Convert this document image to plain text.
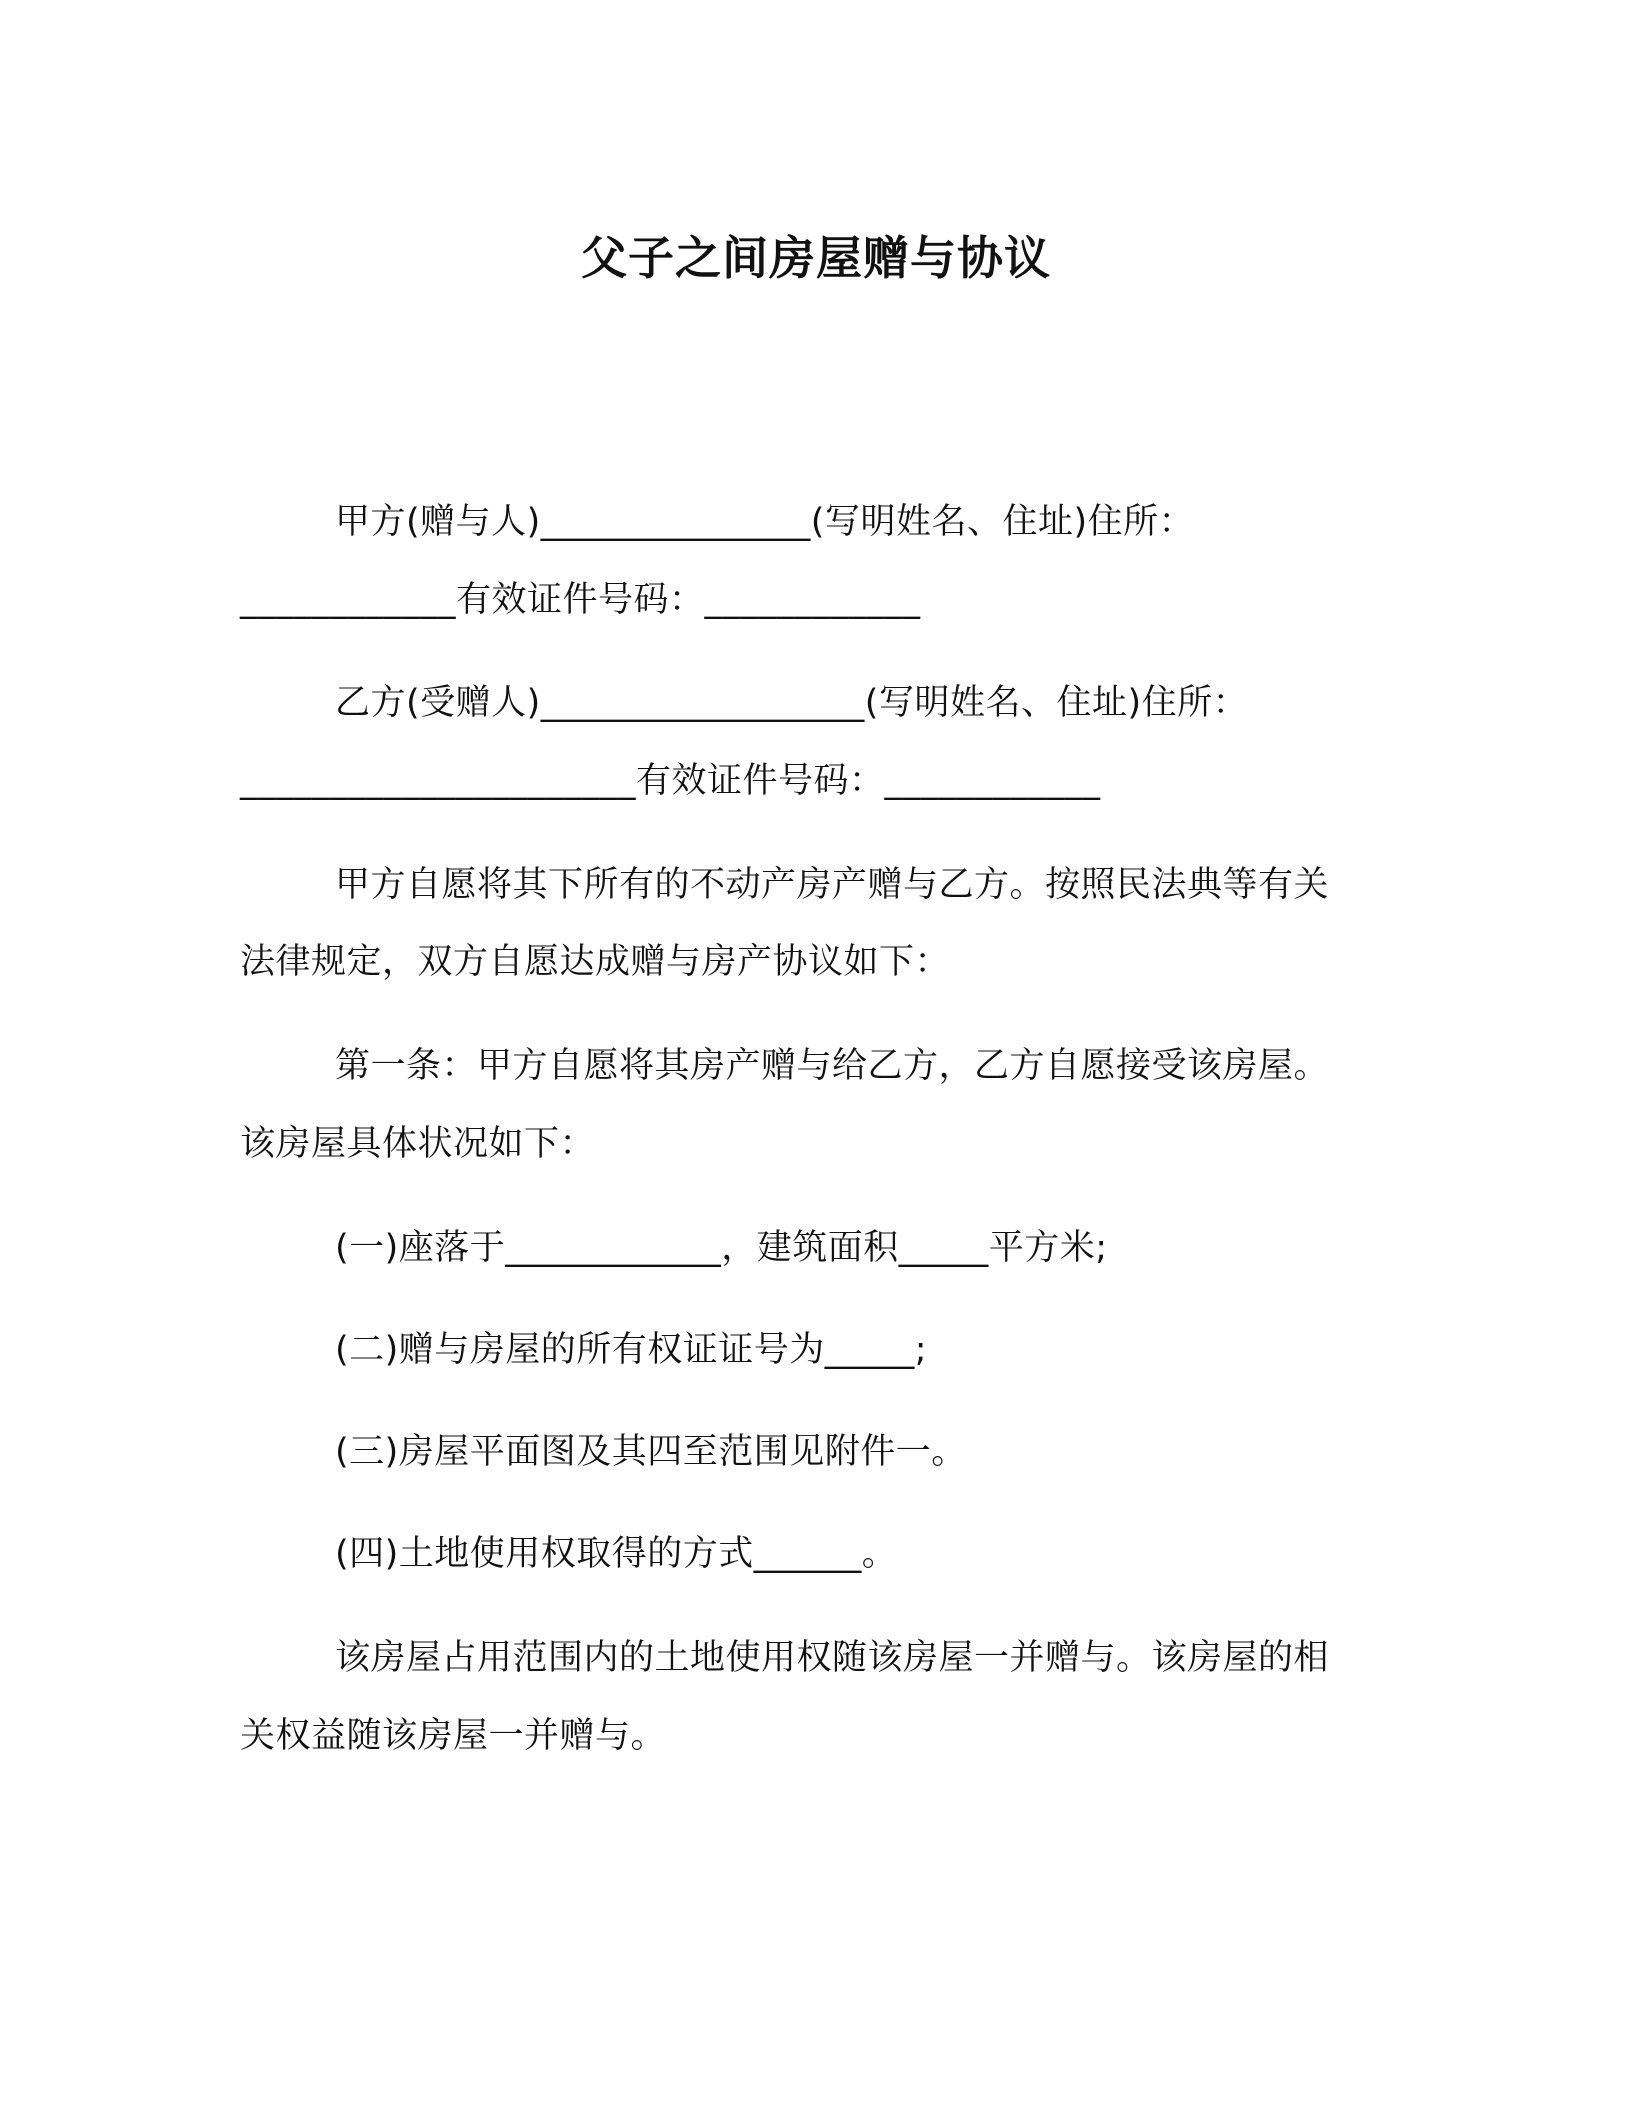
父子之间房屋赠与协议
甲方(赠与人)_______________(写明姓名、住址)住所：
____________有效证件号码：____________
乙方(受赠人)__________________(写明姓名、住址)住所：
______________________有效证件号码：____________
甲方自愿将其下所有的不动产房产赠与乙方。按照民法典等有关
法律规定，双方自愿达成赠与房产协议如下：
第一条：甲方自愿将其房产赠与给乙方，乙方自愿接受该房屋。
该房屋具体状况如下：
(一)座落于____________，建筑面积_____平方米;
(二)赠与房屋的所有权证证号为_____;
(三)房屋平面图及其四至范围见附件一。
(四)土地使用权取得的方式______。
该房屋占用范围内的土地使用权随该房屋一并赠与。该房屋的相
关权益随该房屋一并赠与。
